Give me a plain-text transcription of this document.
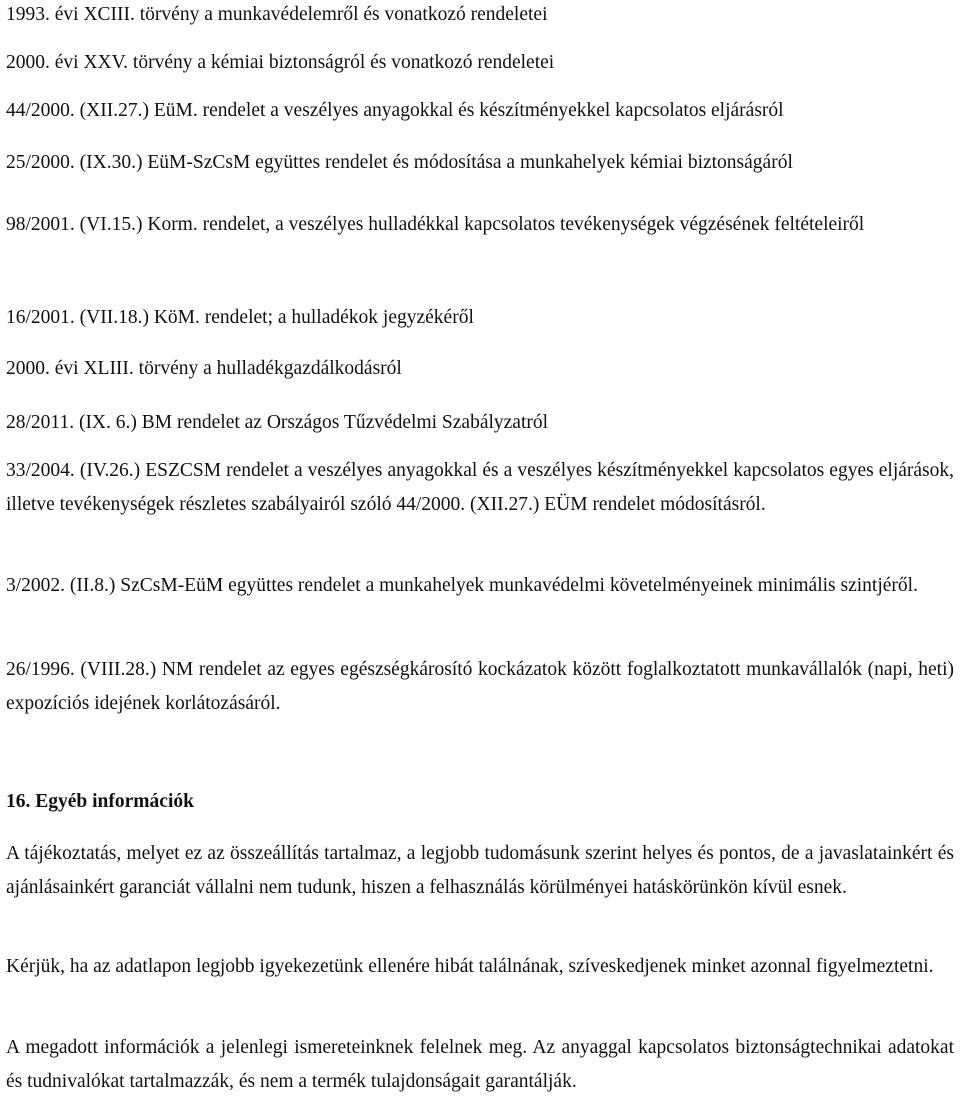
1993. évi XCIII. törvény a munkavédelemről és vonatkozó rendeletei
2000. évi XXV. törvény a kémiai biztonságról és vonatkozó rendeletei
44/2000. (XII.27.) EüM. rendelet a veszélyes anyagokkal és készítményekkel kapcsolatos eljárásról
25/2000. (IX.30.) EüM-SzCsM együttes rendelet és módosítása a munkahelyek kémiai biztonságáról
98/2001. (VI.15.) Korm. rendelet, a veszélyes hulladékkal kapcsolatos tevékenységek végzésének feltételeiről
16/2001. (VII.18.) KöM. rendelet; a hulladékok jegyzékéről
2000. évi XLIII. törvény a hulladékgazdálkodásról
28/2011. (IX. 6.) BM rendelet az Országos Tűzvédelmi Szabályzatról
33/2004. (IV.26.) ESZCSM rendelet a veszélyes anyagokkal és a veszélyes készítményekkel kapcsolatos egyes eljárások, illetve tevékenységek részletes szabályairól szóló 44/2000. (XII.27.) EÜM rendelet módosításról.
3/2002. (II.8.) SzCsM-EüM együttes rendelet a munkahelyek munkavédelmi követelményeinek minimális szintjéről.
26/1996. (VIII.28.) NM rendelet az egyes egészségkárosító kockázatok között foglalkoztatott munkavállalók (napi, heti) expozíciós idejének korlátozásáról.
16. Egyéb információk
A tájékoztatás, melyet ez az összeállítás tartalmaz, a legjobb tudomásunk szerint helyes és pontos, de a javaslatainkért és ajánlásainkért garanciát vállalni nem tudunk, hiszen a felhasználás körülményei hatáskörünkön kívül esnek.
Kérjük, ha az adatlapon legjobb igyekezetünk ellenére hibát találnának, szíveskedjenek minket azonnal figyelmeztetni.
A megadott információk a jelenlegi ismereteinknek felelnek meg. Az anyaggal kapcsolatos biztonságtechnikai adatokat és tudnivalókat tartalmazzák, és nem a termék tulajdonságait garantálják.
